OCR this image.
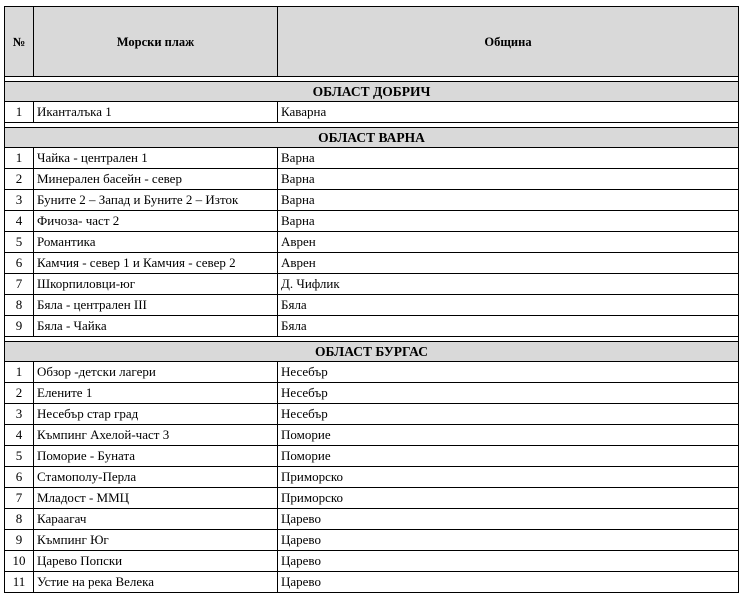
№	Морски плаж	Община

ОБЛАСТ ДОБРИЧ		
1	Иканталъка 1	Каварна

ОБЛАСТ ВАРНА		
1	Чайка - централен 1	Варна
2	Минерален басейн - север	Варна
3	Буните 2 – Запад и Буните 2 – Изток	Варна
4	Фичоза- част 2	Варна
5	Романтика	Аврен
6	Камчия - север 1 и Камчия - север 2	Аврен
7	Шкорпиловци-юг	Д. Чифлик
8	Бяла - централен III	Бяла
9	Бяла - Чайка	Бяла

ОБЛАСТ БУРГАС		
1	Обзор -детски лагери	Несебър
2	Елените 1	Несебър
3	Несебър стар град	Несебър
4	Къмпинг Ахелой-част 3	Поморие
5	Поморие - Буната	Поморие
6	Стамополу-Перла	Приморско
7	Младост - ММЦ	Приморско
8	Караагач	Царево
9	Къмпинг Юг	Царево
10	Царево Попски	Царево
11	Устие на река Велека	Царево
